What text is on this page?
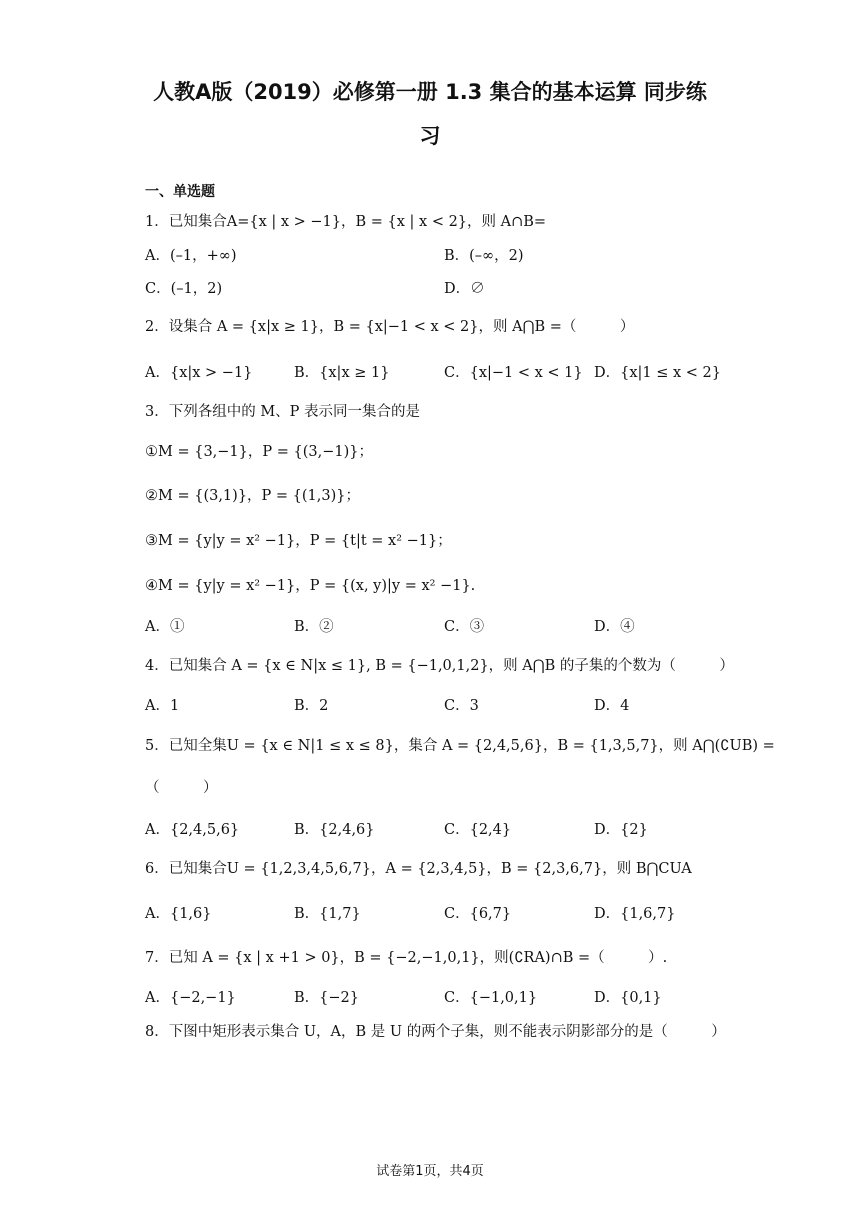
人教A版（2019）必修第一册 1.3 集合的基本运算 同步练
习
一、单选题
1．已知集合A={x | x > −1}，B = {x | x < 2}，则 A∩B=
A．(–1，+∞)	B．(–∞，2)
C．(–1，2)	D．∅
2．设集合 A = {x|x ≥ 1}，B = {x|−1 < x < 2}，则 A⋂B =（　　　）
A．{x|x > −1}	B．{x|x ≥ 1}	C．{x|−1 < x < 1} D．{x|1 ≤ x < 2}
3．下列各组中的 M、P 表示同一集合的是
①M = {3,−1}，P = {(3,−1)}；
②M = {(3,1)}，P = {(1,3)}；
③M = {y|y = x² −1}，P = {t|t = x² −1}；
④M = {y|y = x² −1}，P = {(x, y)|y = x² −1}.
A．①	B．②	C．③	D．④
4．已知集合 A = {x ∈ N|x ≤ 1}, B = {−1,0,1,2}，则 A⋂B 的子集的个数为（　　　）
A．1	B．2	C．3	D．4
5．已知全集U = {x ∈ N|1 ≤ x ≤ 8}，集合 A = {2,4,5,6}，B = {1,3,5,7}，则 A⋂(∁UB) =
（　　　）
A．{2,4,5,6}	B．{2,4,6}	C．{2,4}	D．{2}
6．已知集合U = {1,2,3,4,5,6,7}，A = {2,3,4,5}，B = {2,3,6,7}，则 B⋂CUA
A．{1,6}	B．{1,7}	C．{6,7}	D．{1,6,7}
7．已知 A = {x | x +1 > 0}，B = {−2,−1,0,1}，则(∁RA)∩B =（　　　）.
A．{−2,−1}	B．{−2}	C．{−1,0,1}	D．{0,1}
8．下图中矩形表示集合 U，A，B 是 U 的两个子集，则不能表示阴影部分的是（　　　）
试卷第1页，共4页
